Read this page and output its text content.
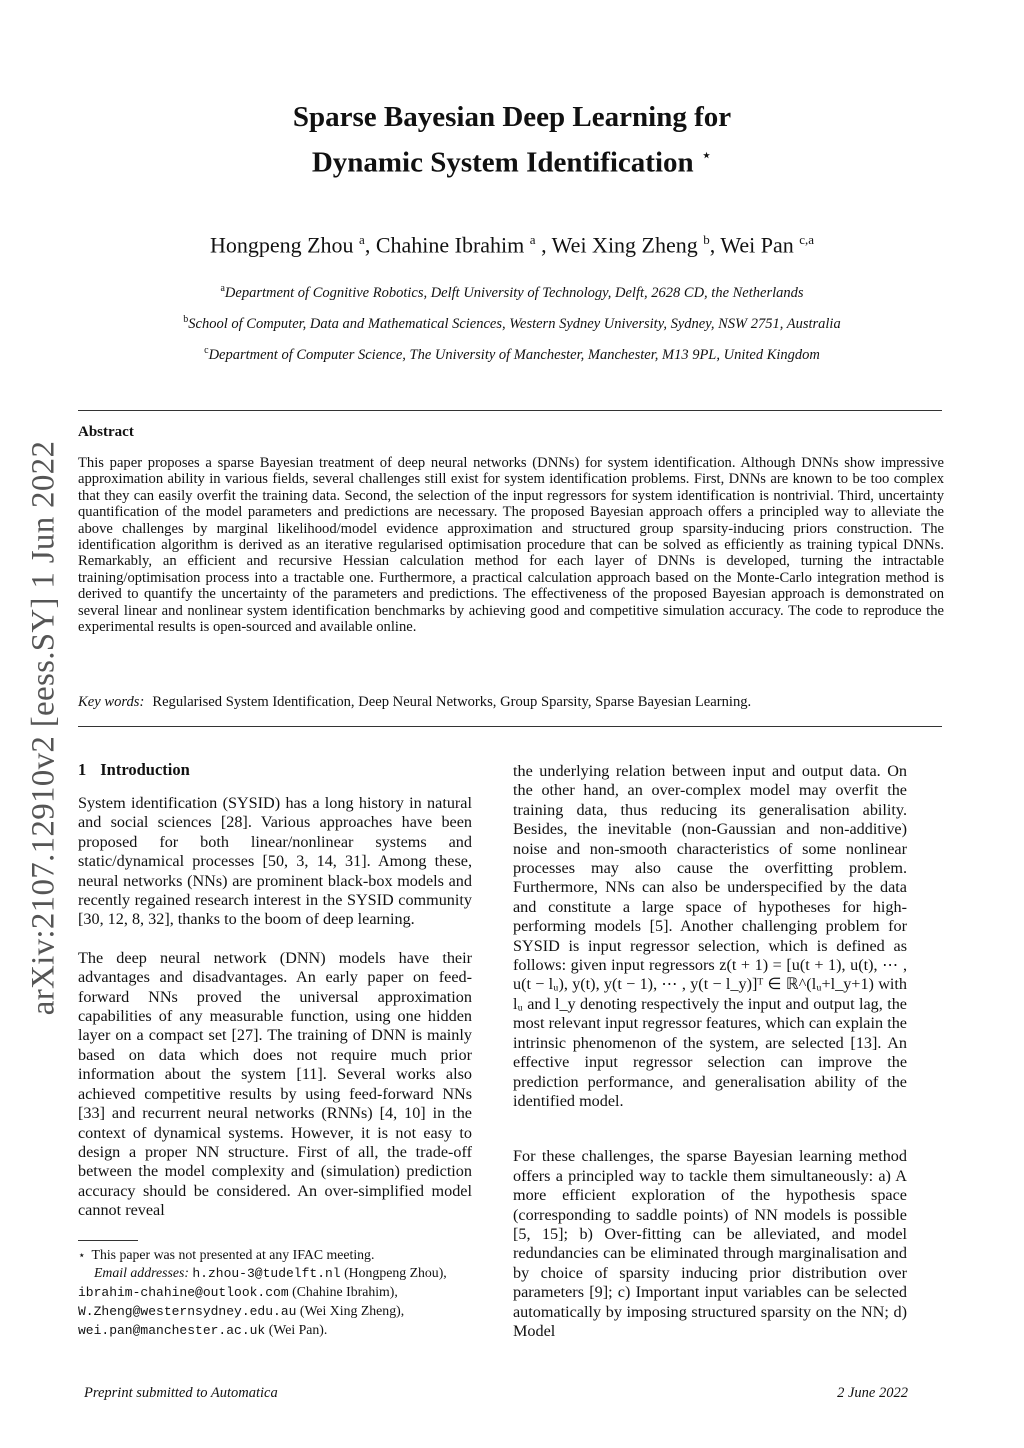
Sparse Bayesian Deep Learning for
Dynamic System Identification ⋆
Hongpeng Zhou $^a$, Chahine Ibrahim $^a$ , Wei Xing Zheng $^b$, Wei Pan $^{c,a}$
$^a$Department of Cognitive Robotics, Delft University of Technology, Delft, 2628 CD, the Netherlands
$^b$School of Computer, Data and Mathematical Sciences, Western Sydney University, Sydney, NSW 2751, Australia
$^c$Department of Computer Science, The University of Manchester, Manchester, M13 9PL, United Kingdom
Abstract
This paper proposes a sparse Bayesian treatment of deep neural networks (DNNs) for system identification. Although DNNs show impressive approximation ability in various fields, several challenges still exist for system identification problems. First, DNNs are known to be too complex that they can easily overfit the training data. Second, the selection of the input regressors for system identification is nontrivial. Third, uncertainty quantification of the model parameters and predictions are necessary. The proposed Bayesian approach offers a principled way to alleviate the above challenges by marginal likelihood/model evidence approximation and structured group sparsity-inducing priors construction. The identification algorithm is derived as an iterative regularised optimisation procedure that can be solved as efficiently as training typical DNNs. Remarkably, an efficient and recursive Hessian calculation method for each layer of DNNs is developed, turning the intractable training/optimisation process into a tractable one. Furthermore, a practical calculation approach based on the Monte-Carlo integration method is derived to quantify the uncertainty of the parameters and predictions. The effectiveness of the proposed Bayesian approach is demonstrated on several linear and nonlinear system identification benchmarks by achieving good and competitive simulation accuracy. The code to reproduce the experimental results is open-sourced and available online.
Key words: Regularised System Identification, Deep Neural Networks, Group Sparsity, Sparse Bayesian Learning.
1 Introduction

System identification (SYSID) has a long history in natural and social sciences [28]. Various approaches have been proposed for both linear/nonlinear systems and static/dynamical processes [50, 3, 14, 31]. Among these, neural networks (NNs) are prominent black-box models and recently regained research interest in the SYSID community [30, 12, 8, 32], thanks to the boom of deep learning.

The deep neural network (DNN) models have their advantages and disadvantages. An early paper on feed-forward NNs proved the universal approximation capabilities of any measurable function, using one hidden layer on a compact set [27]. The training of DNN is mainly based on data which does not require much prior information about the system [11]. Several works also achieved competitive results by using feed-forward NNs [33] and recurrent neural networks (RNNs) [4, 10] in the context of dynamical systems. However, it is not easy to design a proper NN structure. First of all, the trade-off between the model complexity and (simulation) prediction accuracy should be considered. An over-simplified model cannot reveal

the underlying relation between input and output data. On the other hand, an over-complex model may overfit the training data, thus reducing its generalisation ability. Besides, the inevitable (non-Gaussian and non-additive) noise and non-smooth characteristics of some nonlinear processes may also cause the overfitting problem. Furthermore, NNs can also be underspecified by the data and constitute a large space of hypotheses for high-performing models [5]. Another challenging problem for SYSID is input regressor selection, which is defined as follows: given input regressors z(t + 1) = [u(t + 1), u(t), ⋯ , u(t − lᵤ), y(t), y(t − 1), ⋯ , y(t − l_y)]ᵀ ∈ ℝ^(lᵤ+l_y+1) with lᵤ and l_y denoting respectively the input and output lag, the most relevant input regressor features, which can explain the intrinsic phenomenon of the system, are selected [13]. An effective input regressor selection can improve the prediction performance, and generalisation ability of the identified model.

For these challenges, the sparse Bayesian learning method offers a principled way to tackle them simultaneously: a) A more efficient exploration of the hypothesis space (corresponding to saddle points) of NN models is possible [5, 15]; b) Over-fitting can be alleviated, and model redundancies can be eliminated through marginalisation and by choice of sparsity inducing prior distribution over parameters [9]; c) Important input variables can be selected automatically by imposing structured sparsity on the NN; d) Model

⋆ This paper was not presented at any IFAC meeting.
Email addresses: h.zhou-3@tudelft.nl (Hongpeng Zhou), ibrahim-chahine@outlook.com (Chahine Ibrahim), W.Zheng@westernsydney.edu.au (Wei Xing Zheng), wei.pan@manchester.ac.uk (Wei Pan).
Preprint submitted to Automatica	2 June 2022
arXiv:2107.12910v2 [eess.SY] 1 Jun 2022
